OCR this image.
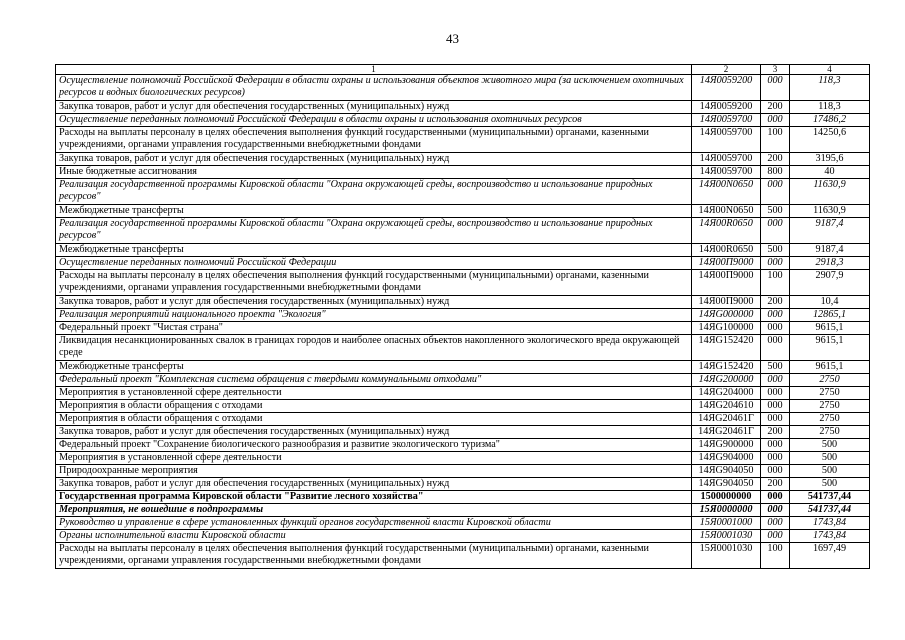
43
1	2	3	4
Осуществление полномочий Российской Федерации в области охраны и использования объектов животного мира (за исключением охотничьих ресурсов и водных биологических ресурсов)	14Я0059200	000	118,3
Закупка товаров, работ и услуг для обеспечения государственных (муниципальных) нужд	14Я0059200	200	118,3
Осуществление переданных полномочий Российской Федерации в области охраны и использования охотничьих ресурсов	14Я0059700	000	17486,2
Расходы на выплаты персоналу в целях обеспечения выполнения функций государственными (муниципальными) органами, казенными учреждениями, органами управления государственными внебюджетными фондами	14Я0059700	100	14250,6
Закупка товаров, работ и услуг для обеспечения государственных (муниципальных) нужд	14Я0059700	200	3195,6
Иные бюджетные ассигнования	14Я0059700	800	40
Реализация государственной программы Кировской области "Охрана окружающей среды, воспроизводство и использование природных ресурсов"	14Я00N0650	000	11630,9
Межбюджетные трансферты	14Я00N0650	500	11630,9
Реализация государственной программы Кировской области "Охрана окружающей среды, воспроизводство и использование природных ресурсов"	14Я00R0650	000	9187,4
Межбюджетные трансферты	14Я00R0650	500	9187,4
Осуществление переданных полномочий Российской Федерации	14Я00П9000	000	2918,3
Расходы на выплаты персоналу в целях обеспечения выполнения функций государственными (муниципальными) органами, казенными учреждениями, органами управления государственными внебюджетными фондами	14Я00П9000	100	2907,9
Закупка товаров, работ и услуг для обеспечения государственных (муниципальных) нужд	14Я00П9000	200	10,4
Реализация мероприятий национального проекта "Экология"	14ЯG000000	000	12865,1
Федеральный проект "Чистая страна"	14ЯG100000	000	9615,1
Ликвидация несанкционированных свалок в границах городов и наиболее опасных объектов накопленного экологического вреда окружающей среде	14ЯG152420	000	9615,1
Межбюджетные трансферты	14ЯG152420	500	9615,1
Федеральный проект "Комплексная система обращения с твердыми коммунальными отходами"	14ЯG200000	000	2750
Мероприятия в установленной сфере деятельности	14ЯG204000	000	2750
Мероприятия в области обращения с отходами	14ЯG204610	000	2750
Мероприятия в области обращения с отходами	14ЯG20461Г	000	2750
Закупка товаров, работ и услуг для обеспечения государственных (муниципальных) нужд	14ЯG20461Г	200	2750
Федеральный проект "Сохранение биологического разнообразия и развитие экологического туризма"	14ЯG900000	000	500
Мероприятия в установленной сфере деятельности	14ЯG904000	000	500
Природоохранные мероприятия	14ЯG904050	000	500
Закупка товаров, работ и услуг для обеспечения государственных (муниципальных) нужд	14ЯG904050	200	500
Государственная программа Кировской области "Развитие лесного хозяйства"	1500000000	000	541737,44
Мероприятия, не вошедшие в подпрограммы	15Я0000000	000	541737,44
Руководство и управление в сфере установленных функций органов государственной власти Кировской области	15Я0001000	000	1743,84
Органы исполнительной власти Кировской области	15Я0001030	000	1743,84
Расходы на выплаты персоналу в целях обеспечения выполнения функций государственными (муниципальными) органами, казенными учреждениями, органами управления государственными внебюджетными фондами	15Я0001030	100	1697,49
